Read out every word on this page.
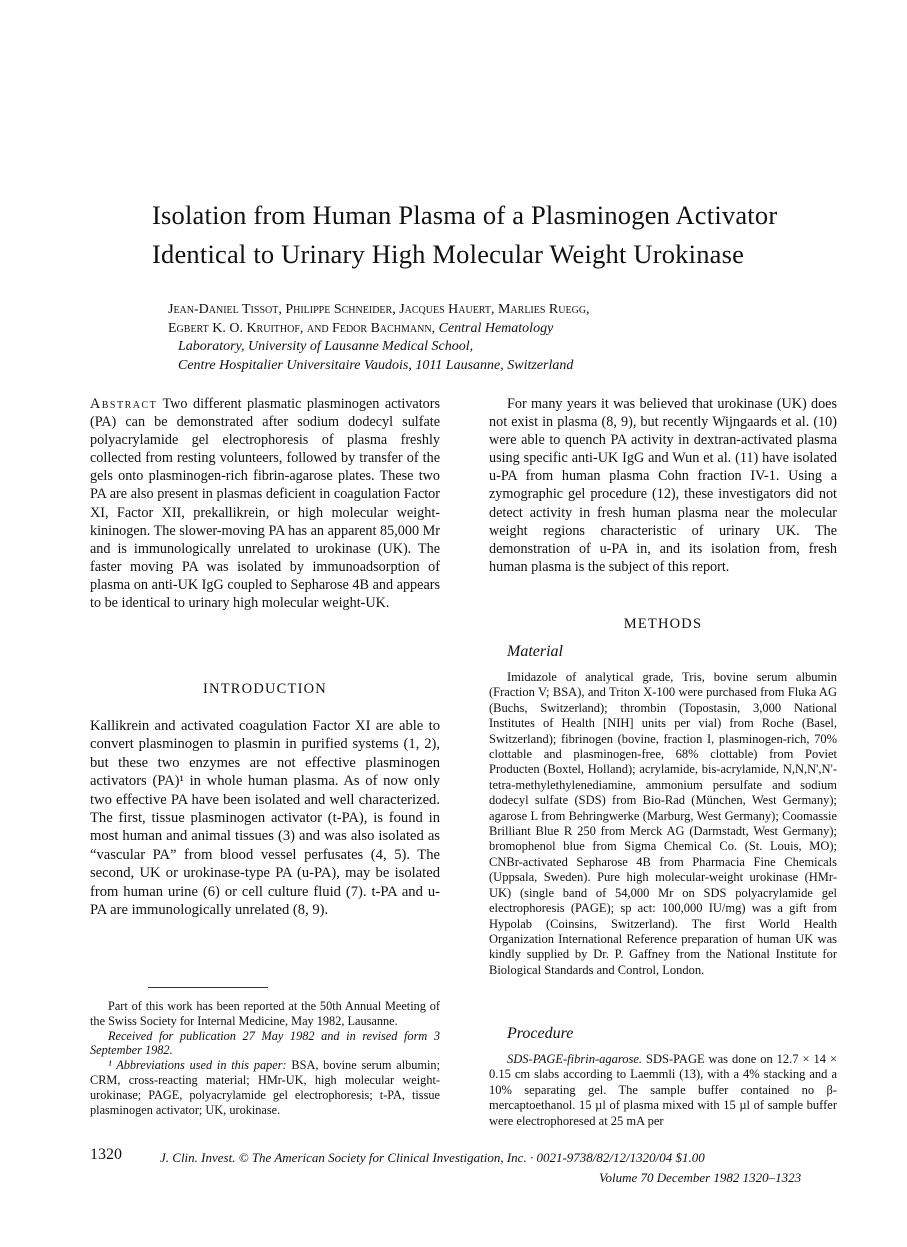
Isolation from Human Plasma of a Plasminogen Activator
Identical to Urinary High Molecular Weight Urokinase
Jean-Daniel Tissot, Philippe Schneider, Jacques Hauert, Marlies Ruegg,
Egbert K. O. Kruithof, and Fedor Bachmann, Central Hematology
Laboratory, University of Lausanne Medical School,
Centre Hospitalier Universitaire Vaudois, 1011 Lausanne, Switzerland

Abstract Two different plasmatic plasminogen activators (PA) can be demonstrated after sodium dodecyl sulfate polyacrylamide gel electrophoresis of plasma freshly collected from resting volunteers, followed by transfer of the gels onto plasminogen-rich fibrin-agarose plates. These two PA are also present in plasmas deficient in coagulation Factor XI, Factor XII, prekallikrein, or high molecular weight-kininogen. The slower-moving PA has an apparent 85,000 Mr and is immunologically unrelated to urokinase (UK). The faster moving PA was isolated by immunoadsorption of plasma on anti-UK IgG coupled to Sepharose 4B and appears to be identical to urinary high molecular weight-UK.

INTRODUCTION
Kallikrein and activated coagulation Factor XI are able to convert plasminogen to plasmin in purified systems (1, 2), but these two enzymes are not effective plasminogen activators (PA)¹ in whole human plasma. As of now only two effective PA have been isolated and well characterized. The first, tissue plasminogen activator (t-PA), is found in most human and animal tissues (3) and was also isolated as “vascular PA” from blood vessel perfusates (4, 5). The second, UK or urokinase-type PA (u-PA), may be isolated from human urine (6) or cell culture fluid (7). t-PA and u-PA are immunologically unrelated (8, 9).
Part of this work has been reported at the 50th Annual Meeting of the Swiss Society for Internal Medicine, May 1982, Lausanne.
Received for publication 27 May 1982 and in revised form 3 September 1982.
¹ Abbreviations used in this paper: BSA, bovine serum albumin; CRM, cross-reacting material; HMr-UK, high molecular weight-urokinase; PAGE, polyacrylamide gel electrophoresis; t-PA, tissue plasminogen activator; UK, urokinase.
For many years it was believed that urokinase (UK) does not exist in plasma (8, 9), but recently Wijngaards et al. (10) were able to quench PA activity in dextran-activated plasma using specific anti-UK IgG and Wun et al. (11) have isolated u-PA from human plasma Cohn fraction IV-1. Using a zymographic gel procedure (12), these investigators did not detect activity in fresh human plasma near the molecular weight regions characteristic of urinary UK. The demonstration of u-PA in, and its isolation from, fresh human plasma is the subject of this report.
METHODS
Material
Imidazole of analytical grade, Tris, bovine serum albumin (Fraction V; BSA), and Triton X-100 were purchased from Fluka AG (Buchs, Switzerland); thrombin (Topostasin, 3,000 National Institutes of Health [NIH] units per vial) from Roche (Basel, Switzerland); fibrinogen (bovine, fraction I, plasminogen-rich, 70% clottable and plasminogen-free, 68% clottable) from Poviet Producten (Boxtel, Holland); acrylamide, bis-acrylamide, N,N,N',N'-tetra-methylethylenediamine, ammonium persulfate and sodium dodecyl sulfate (SDS) from Bio-Rad (München, West Germany); agarose L from Behringwerke (Marburg, West Germany); Coomassie Brilliant Blue R 250 from Merck AG (Darmstadt, West Germany); bromophenol blue from Sigma Chemical Co. (St. Louis, MO); CNBr-activated Sepharose 4B from Pharmacia Fine Chemicals (Uppsala, Sweden). Pure high molecular-weight urokinase (HMr-UK) (single band of 54,000 Mr on SDS polyacrylamide gel electrophoresis (PAGE); sp act: 100,000 IU/mg) was a gift from Hypolab (Coinsins, Switzerland). The first World Health Organization International Reference preparation of human UK was kindly supplied by Dr. P. Gaffney from the National Institute for Biological Standards and Control, London.
Procedure
SDS-PAGE-fibrin-agarose. SDS-PAGE was done on 12.7 × 14 × 0.15 cm slabs according to Laemmli (13), with a 4% stacking and a 10% separating gel. The sample buffer contained no β-mercaptoethanol. 15 µl of plasma mixed with 15 µl of sample buffer were electrophoresed at 25 mA per
1320	J. Clin. Invest. © The American Society for Clinical Investigation, Inc. · 0021-9738/82/12/1320/04 $1.00
Volume 70 December 1982 1320–1323
